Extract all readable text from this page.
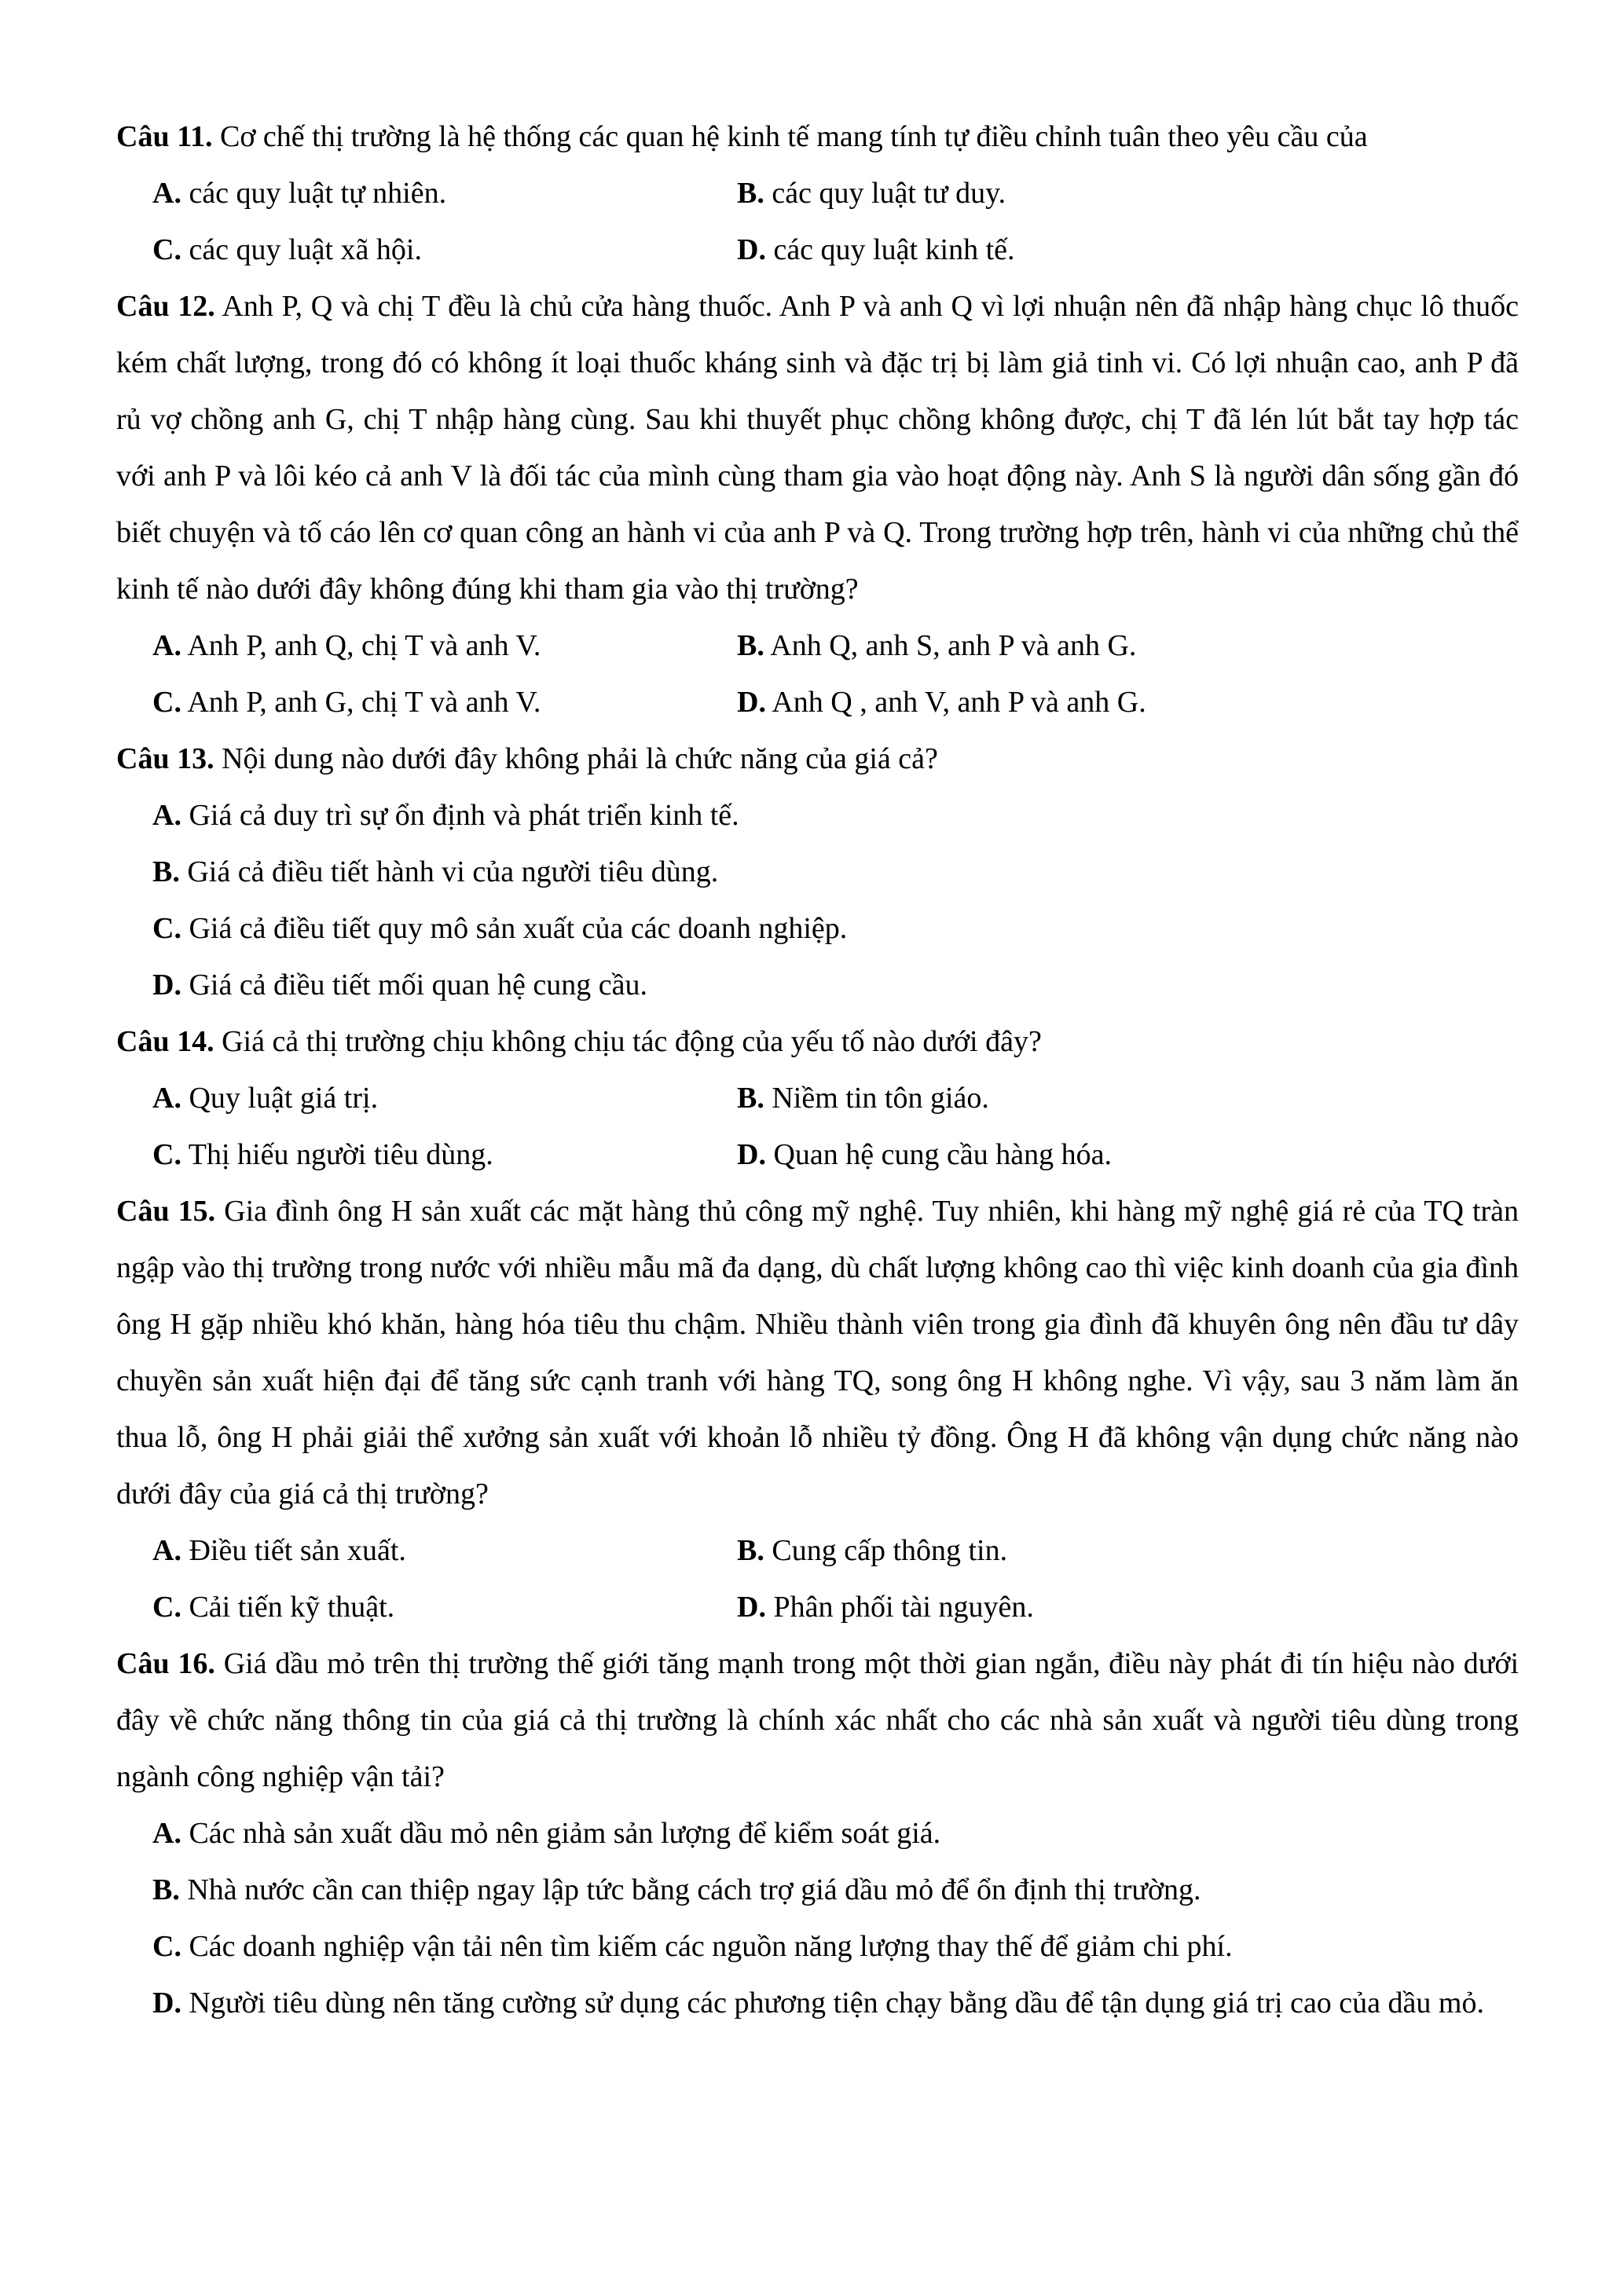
Câu 11. Cơ chế thị trường là hệ thống các quan hệ kinh tế mang tính tự điều chỉnh tuân theo yêu cầu của

A. các quy luật tự nhiên.	B. các quy luật tư duy.
C. các quy luật xã hội.	D. các quy luật kinh tế.

Câu 12. Anh P, Q và chị T đều là chủ cửa hàng thuốc. Anh P và anh Q vì lợi nhuận nên đã nhập hàng chục lô thuốc kém chất lượng, trong đó có không ít loại thuốc kháng sinh và đặc trị bị làm giả tinh vi. Có lợi nhuận cao, anh P đã rủ vợ chồng anh G, chị T nhập hàng cùng. Sau khi thuyết phục chồng không được, chị T đã lén lút bắt tay hợp tác với anh P và lôi kéo cả anh V là đối tác của mình cùng tham gia vào hoạt động này. Anh S là người dân sống gần đó biết chuyện và tố cáo lên cơ quan công an hành vi của anh P và Q. Trong trường hợp trên, hành vi của những chủ thể kinh tế nào dưới đây không đúng khi tham gia vào thị trường?

A. Anh P, anh Q, chị T và anh V.	B. Anh Q, anh S, anh P và anh G.
C. Anh P, anh G, chị T và anh V.	D. Anh Q , anh V, anh P và anh G.

Câu 13. Nội dung nào dưới đây không phải là chức năng của giá cả?

A. Giá cả duy trì sự ổn định và phát triển kinh tế.
B. Giá cả điều tiết hành vi của người tiêu dùng.
C. Giá cả điều tiết quy mô sản xuất của các doanh nghiệp.
D. Giá cả điều tiết mối quan hệ cung cầu.

Câu 14. Giá cả thị trường chịu không chịu tác động của yếu tố nào dưới đây?

A. Quy luật giá trị.	B. Niềm tin tôn giáo.
C. Thị hiếu người tiêu dùng.	D. Quan hệ cung cầu hàng hóa.

Câu 15. Gia đình ông H sản xuất các mặt hàng thủ công mỹ nghệ. Tuy nhiên, khi hàng mỹ nghệ giá rẻ của TQ tràn ngập vào thị trường trong nước với nhiều mẫu mã đa dạng, dù chất lượng không cao thì việc kinh doanh của gia đình ông H gặp nhiều khó khăn, hàng hóa tiêu thu chậm. Nhiều thành viên trong gia đình đã khuyên ông nên đầu tư dây chuyền sản xuất hiện đại để tăng sức cạnh tranh với hàng TQ, song ông H không nghe. Vì vậy, sau 3 năm làm ăn thua lỗ, ông H phải giải thể xưởng sản xuất với khoản lỗ nhiều tỷ đồng. Ông H đã không vận dụng chức năng nào dưới đây của giá cả thị trường?

A. Điều tiết sản xuất.	B. Cung cấp thông tin.
C. Cải tiến kỹ thuật.	D. Phân phối tài nguyên.

Câu 16. Giá dầu mỏ trên thị trường thế giới tăng mạnh trong một thời gian ngắn, điều này phát đi tín hiệu nào dưới đây về chức năng thông tin của giá cả thị trường là chính xác nhất cho các nhà sản xuất và người tiêu dùng trong ngành công nghiệp vận tải?

A. Các nhà sản xuất dầu mỏ nên giảm sản lượng để kiểm soát giá.
B. Nhà nước cần can thiệp ngay lập tức bằng cách trợ giá dầu mỏ để ổn định thị trường.
C. Các doanh nghiệp vận tải nên tìm kiếm các nguồn năng lượng thay thế để giảm chi phí.
D. Người tiêu dùng nên tăng cường sử dụng các phương tiện chạy bằng dầu để tận dụng giá trị cao của dầu mỏ.
